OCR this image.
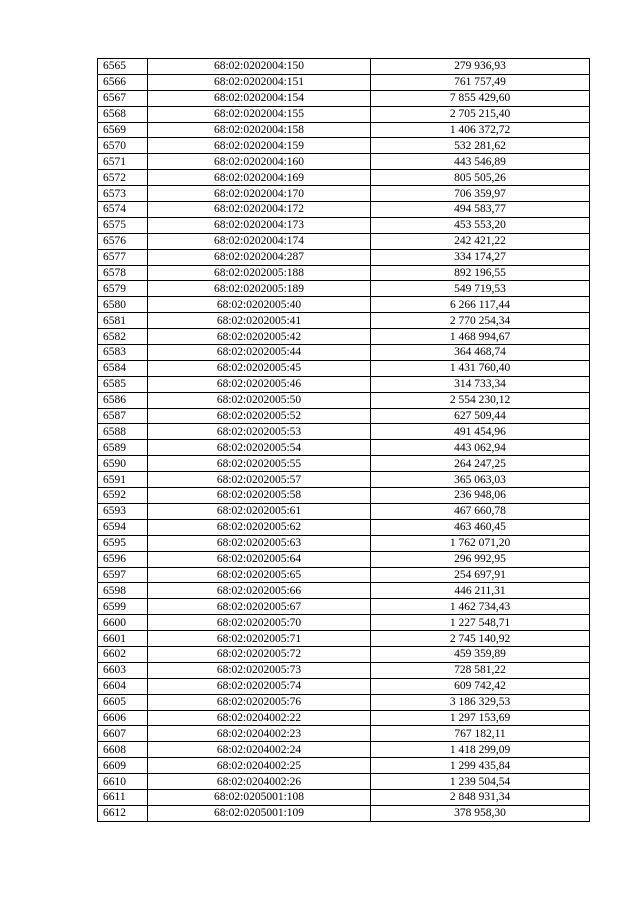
6565	68:02:0202004:150	279 936,93
6566	68:02:0202004:151	761 757,49
6567	68:02:0202004:154	7 855 429,60
6568	68:02:0202004:155	2 705 215,40
6569	68:02:0202004:158	1 406 372,72
6570	68:02:0202004:159	532 281,62
6571	68:02:0202004:160	443 546,89
6572	68:02:0202004:169	805 505,26
6573	68:02:0202004:170	706 359,97
6574	68:02:0202004:172	494 583,77
6575	68:02:0202004:173	453 553,20
6576	68:02:0202004:174	242 421,22
6577	68:02:0202004:287	334 174,27
6578	68:02:0202005:188	892 196,55
6579	68:02:0202005:189	549 719,53
6580	68:02:0202005:40	6 266 117,44
6581	68:02:0202005:41	2 770 254,34
6582	68:02:0202005:42	1 468 994,67
6583	68:02:0202005:44	364 468,74
6584	68:02:0202005:45	1 431 760,40
6585	68:02:0202005:46	314 733,34
6586	68:02:0202005:50	2 554 230,12
6587	68:02:0202005:52	627 509,44
6588	68:02:0202005:53	491 454,96
6589	68:02:0202005:54	443 062,94
6590	68:02:0202005:55	264 247,25
6591	68:02:0202005:57	365 063,03
6592	68:02:0202005:58	236 948,06
6593	68:02:0202005:61	467 660,78
6594	68:02:0202005:62	463 460,45
6595	68:02:0202005:63	1 762 071,20
6596	68:02:0202005:64	296 992,95
6597	68:02:0202005:65	254 697,91
6598	68:02:0202005:66	446 211,31
6599	68:02:0202005:67	1 462 734,43
6600	68:02:0202005:70	1 227 548,71
6601	68:02:0202005:71	2 745 140,92
6602	68:02:0202005:72	459 359,89
6603	68:02:0202005:73	728 581,22
6604	68:02:0202005:74	609 742,42
6605	68:02:0202005:76	3 186 329,53
6606	68:02:0204002:22	1 297 153,69
6607	68:02:0204002:23	767 182,11
6608	68:02:0204002:24	1 418 299,09
6609	68:02:0204002:25	1 299 435,84
6610	68:02:0204002:26	1 239 504,54
6611	68:02:0205001:108	2 848 931,34
6612	68:02:0205001:109	378 958,30
